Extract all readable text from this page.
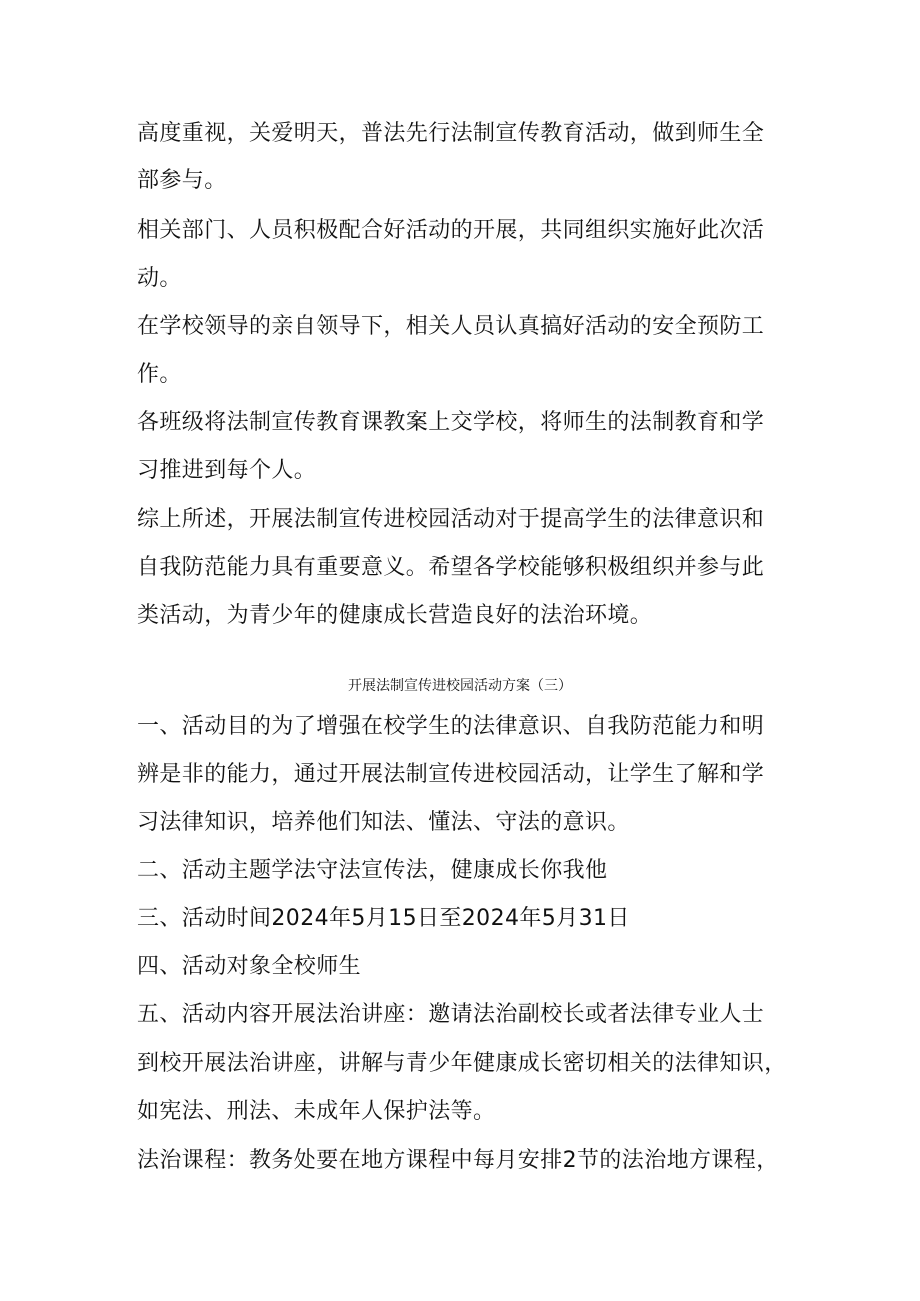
高度重视，关爱明天，普法先行法制宣传教育活动，做到师生全
部参与。
相关部门、人员积极配合好活动的开展，共同组织实施好此次活
动。
在学校领导的亲自领导下，相关人员认真搞好活动的安全预防工
作。
各班级将法制宣传教育课教案上交学校，将师生的法制教育和学
习推进到每个人。
综上所述，开展法制宣传进校园活动对于提高学生的法律意识和
自我防范能力具有重要意义。希望各学校能够积极组织并参与此
类活动，为青少年的健康成长营造良好的法治环境。
开展法制宣传进校园活动方案（三）
一、活动目的为了增强在校学生的法律意识、自我防范能力和明
辨是非的能力，通过开展法制宣传进校园活动，让学生了解和学
习法律知识，培养他们知法、懂法、守法的意识。
二、活动主题学法守法宣传法，健康成长你我他
三、活动时间2024年5月15日至2024年5月31日
四、活动对象全校师生
五、活动内容开展法治讲座：邀请法治副校长或者法律专业人士
到校开展法治讲座，讲解与青少年健康成长密切相关的法律知识，
如宪法、刑法、未成年人保护法等。
法治课程：教务处要在地方课程中每月安排2节的法治地方课程，
